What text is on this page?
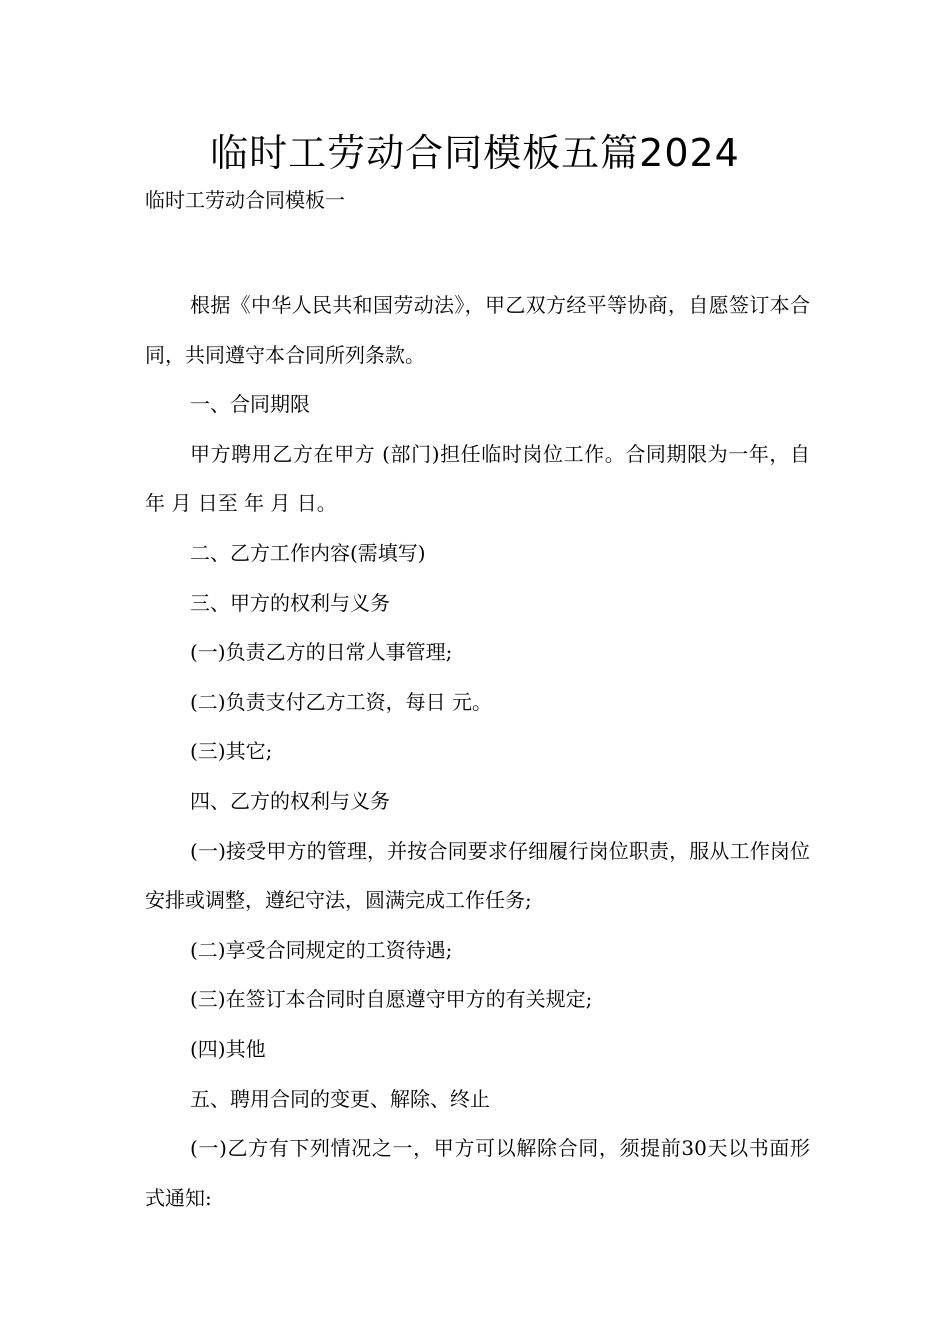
临时工劳动合同模板五篇2024
临时工劳动合同模板一

根据《中华人民共和国劳动法》，甲乙双方经平等协商，自愿签订本合同，共同遵守本合同所列条款。

一、合同期限

甲方聘用乙方在甲方 (部门)担任临时岗位工作。合同期限为一年，自 年 月 日至 年 月 日。

二、乙方工作内容(需填写)

三、甲方的权利与义务

(一)负责乙方的日常人事管理;

(二)负责支付乙方工资，每日 元。

(三)其它;

四、乙方的权利与义务

(一)接受甲方的管理，并按合同要求仔细履行岗位职责，服从工作岗位安排或调整，遵纪守法，圆满完成工作任务;

(二)享受合同规定的工资待遇;

(三)在签订本合同时自愿遵守甲方的有关规定;

(四)其他

五、聘用合同的变更、解除、终止

(一)乙方有下列情况之一，甲方可以解除合同，须提前30天以书面形式通知:
